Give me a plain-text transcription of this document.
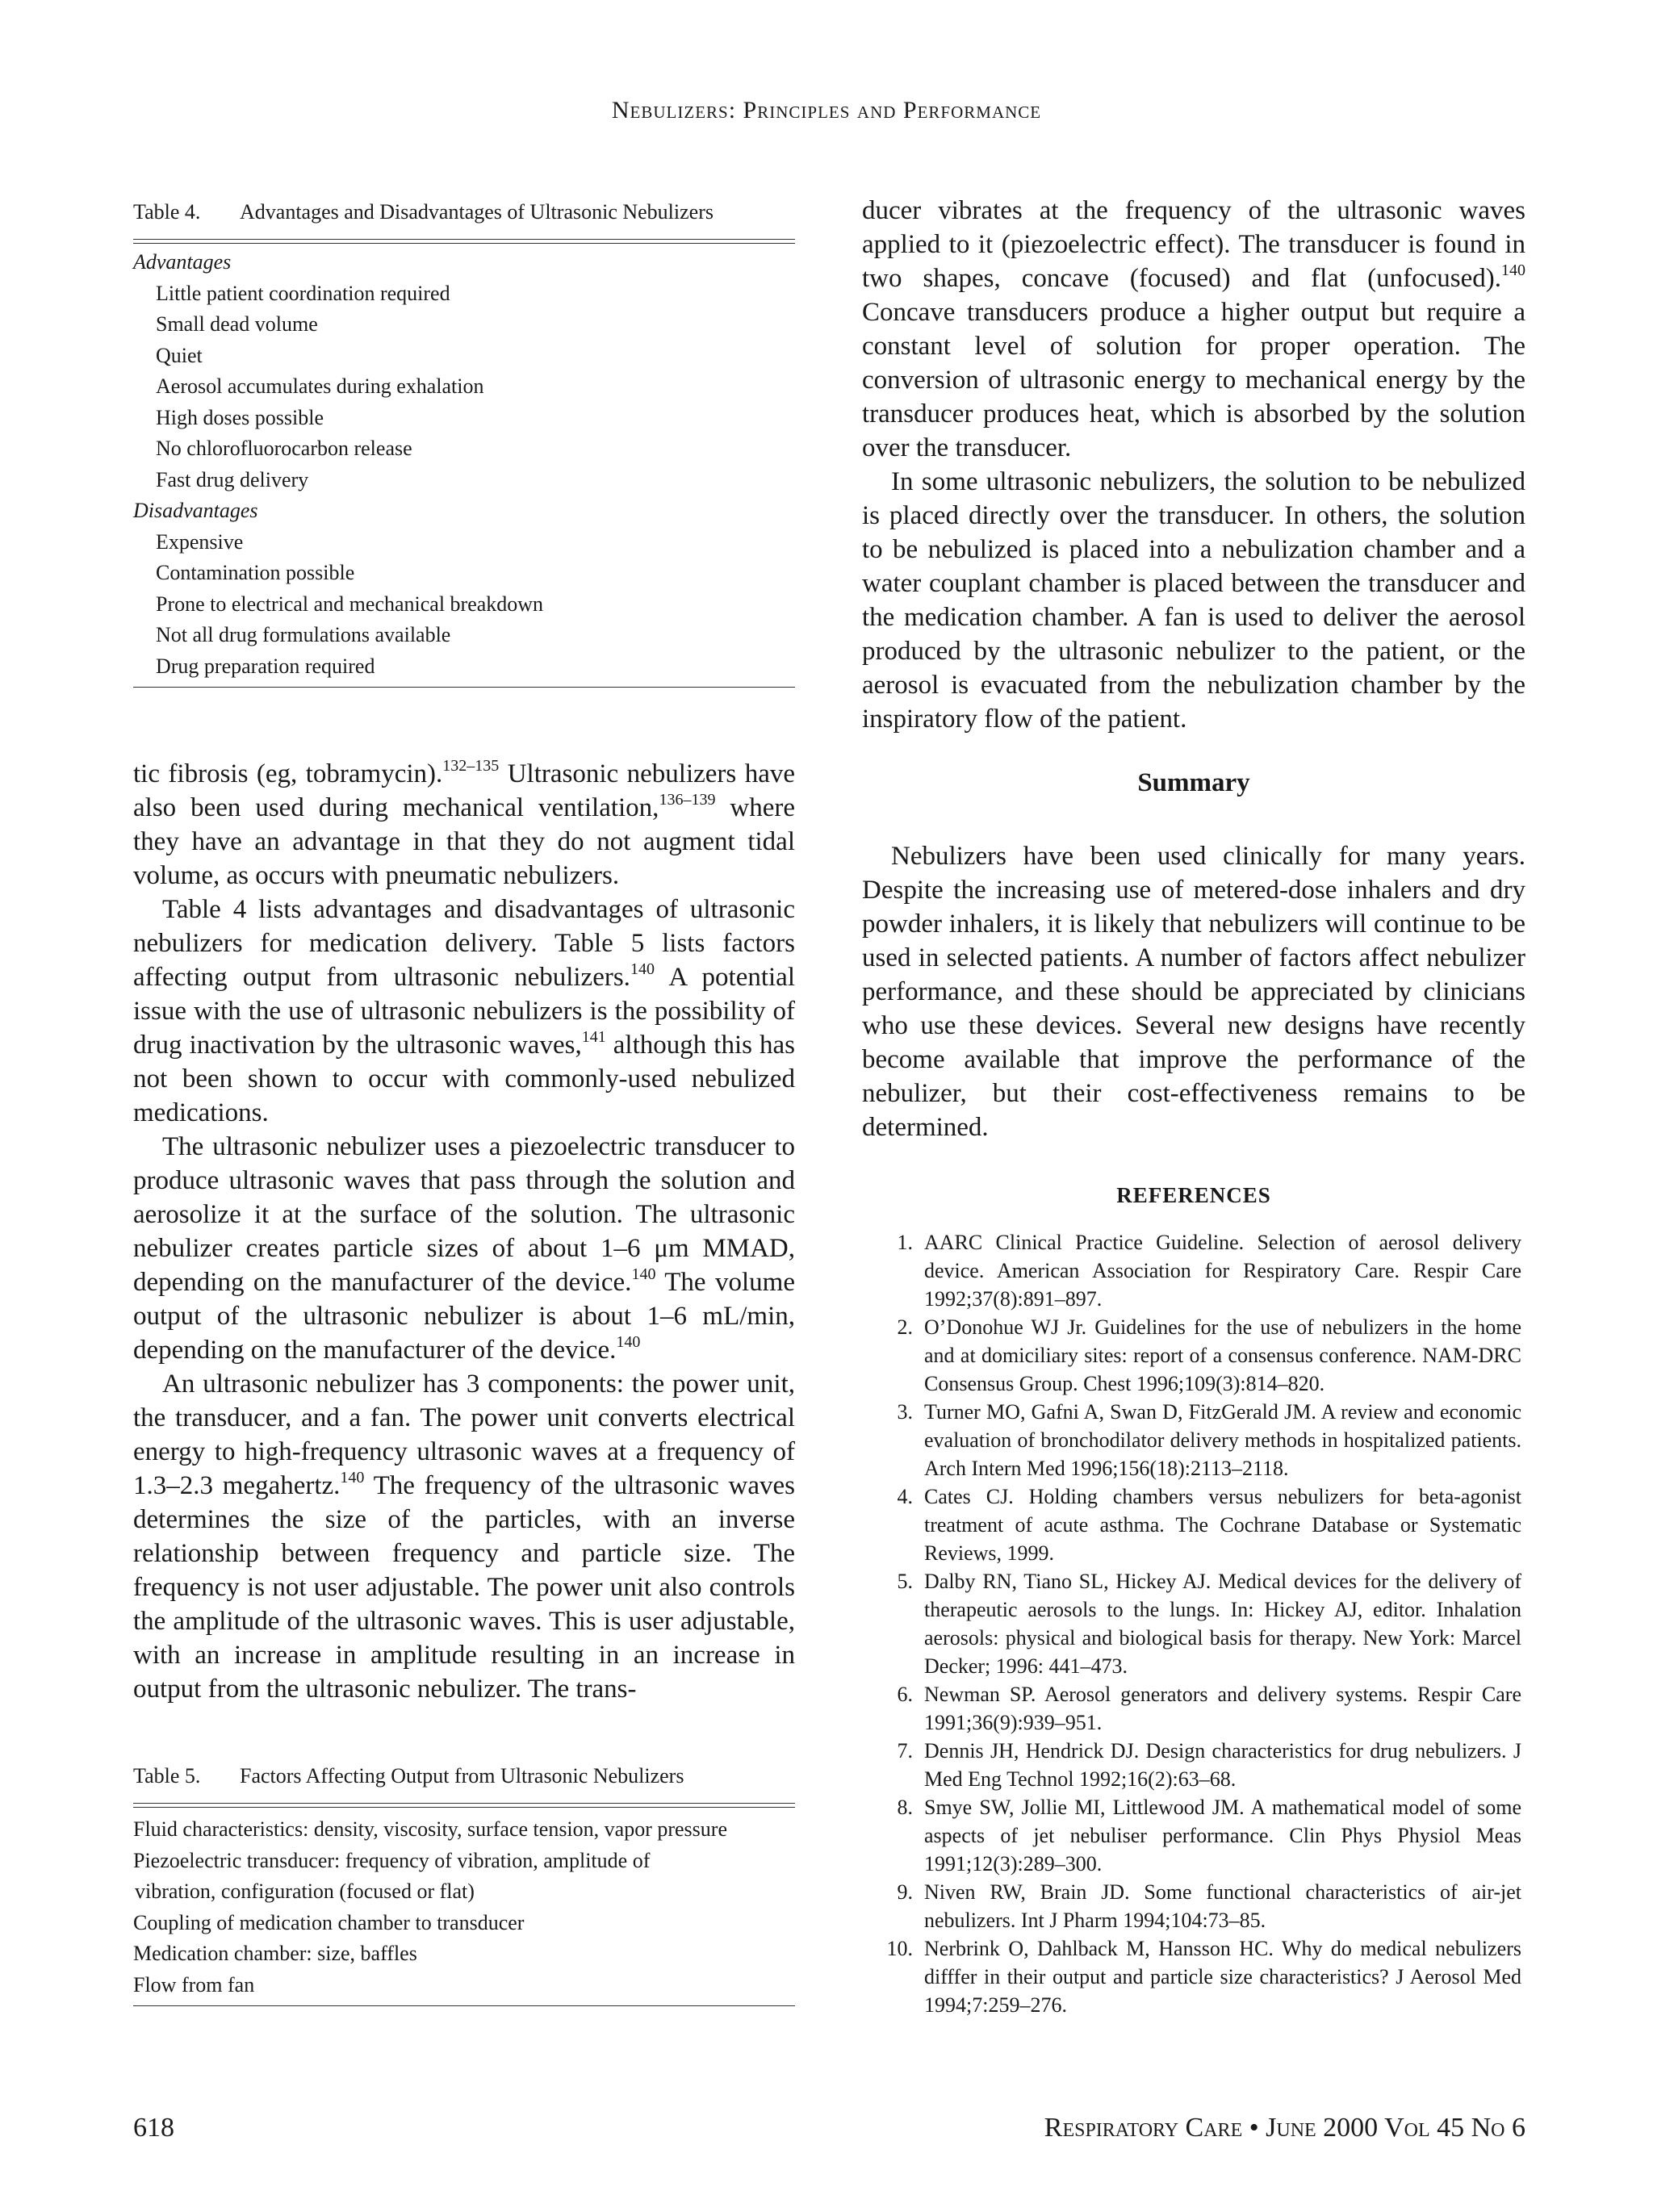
Nebulizers: Principles and Performance

Table 4. Advantages and Disadvantages of Ultrasonic Nebulizers

Advantages
Little patient coordination required
Small dead volume
Quiet
Aerosol accumulates during exhalation
High doses possible
No chlorofluorocarbon release
Fast drug delivery
Disadvantages
Expensive
Contamination possible
Prone to electrical and mechanical breakdown
Not all drug formulations available
Drug preparation required

tic fibrosis (eg, tobramycin).$^{132-135}$ Ultrasonic nebulizers have also been used during mechanical ventilation,$^{136-139}$ where they have an advantage in that they do not augment tidal volume, as occurs with pneumatic nebulizers.

Table 4 lists advantages and disadvantages of ultrasonic nebulizers for medication delivery. Table 5 lists factors affecting output from ultrasonic nebulizers.$^{140}$ A potential issue with the use of ultrasonic nebulizers is the possibility of drug inactivation by the ultrasonic waves,$^{141}$ although this has not been shown to occur with commonly-used nebulized medications.

The ultrasonic nebulizer uses a piezoelectric transducer to produce ultrasonic waves that pass through the solution and aerosolize it at the surface of the solution. The ultrasonic nebulizer creates particle sizes of about 1–6 μm MMAD, depending on the manufacturer of the device.$^{140}$ The volume output of the ultrasonic nebulizer is about 1–6 mL/min, depending on the manufacturer of the device.$^{140}$

An ultrasonic nebulizer has 3 components: the power unit, the transducer, and a fan. The power unit converts electrical energy to high-frequency ultrasonic waves at a frequency of 1.3–2.3 megahertz.$^{140}$ The frequency of the ultrasonic waves determines the size of the particles, with an inverse relationship between frequency and particle size. The frequency is not user adjustable. The power unit also controls the amplitude of the ultrasonic waves. This is user adjustable, with an increase in amplitude resulting in an increase in output from the ultrasonic nebulizer. The trans-

Table 5. Factors Affecting Output from Ultrasonic Nebulizers

Fluid characteristics: density, viscosity, surface tension, vapor pressure
Piezoelectric transducer: frequency of vibration, amplitude of
vibration, configuration (focused or flat)
Coupling of medication chamber to transducer
Medication chamber: size, baffles
Flow from fan

ducer vibrates at the frequency of the ultrasonic waves applied to it (piezoelectric effect). The transducer is found in two shapes, concave (focused) and flat (unfocused).$^{140}$ Concave transducers produce a higher output but require a constant level of solution for proper operation. The conversion of ultrasonic energy to mechanical energy by the transducer produces heat, which is absorbed by the solution over the transducer.

In some ultrasonic nebulizers, the solution to be nebulized is placed directly over the transducer. In others, the solution to be nebulized is placed into a nebulization chamber and a water couplant chamber is placed between the transducer and the medication chamber. A fan is used to deliver the aerosol produced by the ultrasonic nebulizer to the patient, or the aerosol is evacuated from the nebulization chamber by the inspiratory flow of the patient.

Summary

Nebulizers have been used clinically for many years. Despite the increasing use of metered-dose inhalers and dry powder inhalers, it is likely that nebulizers will continue to be used in selected patients. A number of factors affect nebulizer performance, and these should be appreciated by clinicians who use these devices. Several new designs have recently become available that improve the performance of the nebulizer, but their cost-effectiveness remains to be determined.

REFERENCES

1. AARC Clinical Practice Guideline. Selection of aerosol delivery device. American Association for Respiratory Care. Respir Care 1992;37(8):891–897.
2. O’Donohue WJ Jr. Guidelines for the use of nebulizers in the home and at domiciliary sites: report of a consensus conference. NAM-DRC Consensus Group. Chest 1996;109(3):814–820.
3. Turner MO, Gafni A, Swan D, FitzGerald JM. A review and economic evaluation of bronchodilator delivery methods in hospitalized patients. Arch Intern Med 1996;156(18):2113–2118.
4. Cates CJ. Holding chambers versus nebulizers for beta-agonist treatment of acute asthma. The Cochrane Database or Systematic Reviews, 1999.
5. Dalby RN, Tiano SL, Hickey AJ. Medical devices for the delivery of therapeutic aerosols to the lungs. In: Hickey AJ, editor. Inhalation aerosols: physical and biological basis for therapy. New York: Marcel Decker; 1996: 441–473.
6. Newman SP. Aerosol generators and delivery systems. Respir Care 1991;36(9):939–951.
7. Dennis JH, Hendrick DJ. Design characteristics for drug nebulizers. J Med Eng Technol 1992;16(2):63–68.
8. Smye SW, Jollie MI, Littlewood JM. A mathematical model of some aspects of jet nebuliser performance. Clin Phys Physiol Meas 1991;12(3):289–300.
9. Niven RW, Brain JD. Some functional characteristics of air-jet nebulizers. Int J Pharm 1994;104:73–85.
10. Nerbrink O, Dahlback M, Hansson HC. Why do medical nebulizers difffer in their output and particle size characteristics? J Aerosol Med 1994;7:259–276.
618	Respiratory Care • June 2000 Vol 45 No 6
